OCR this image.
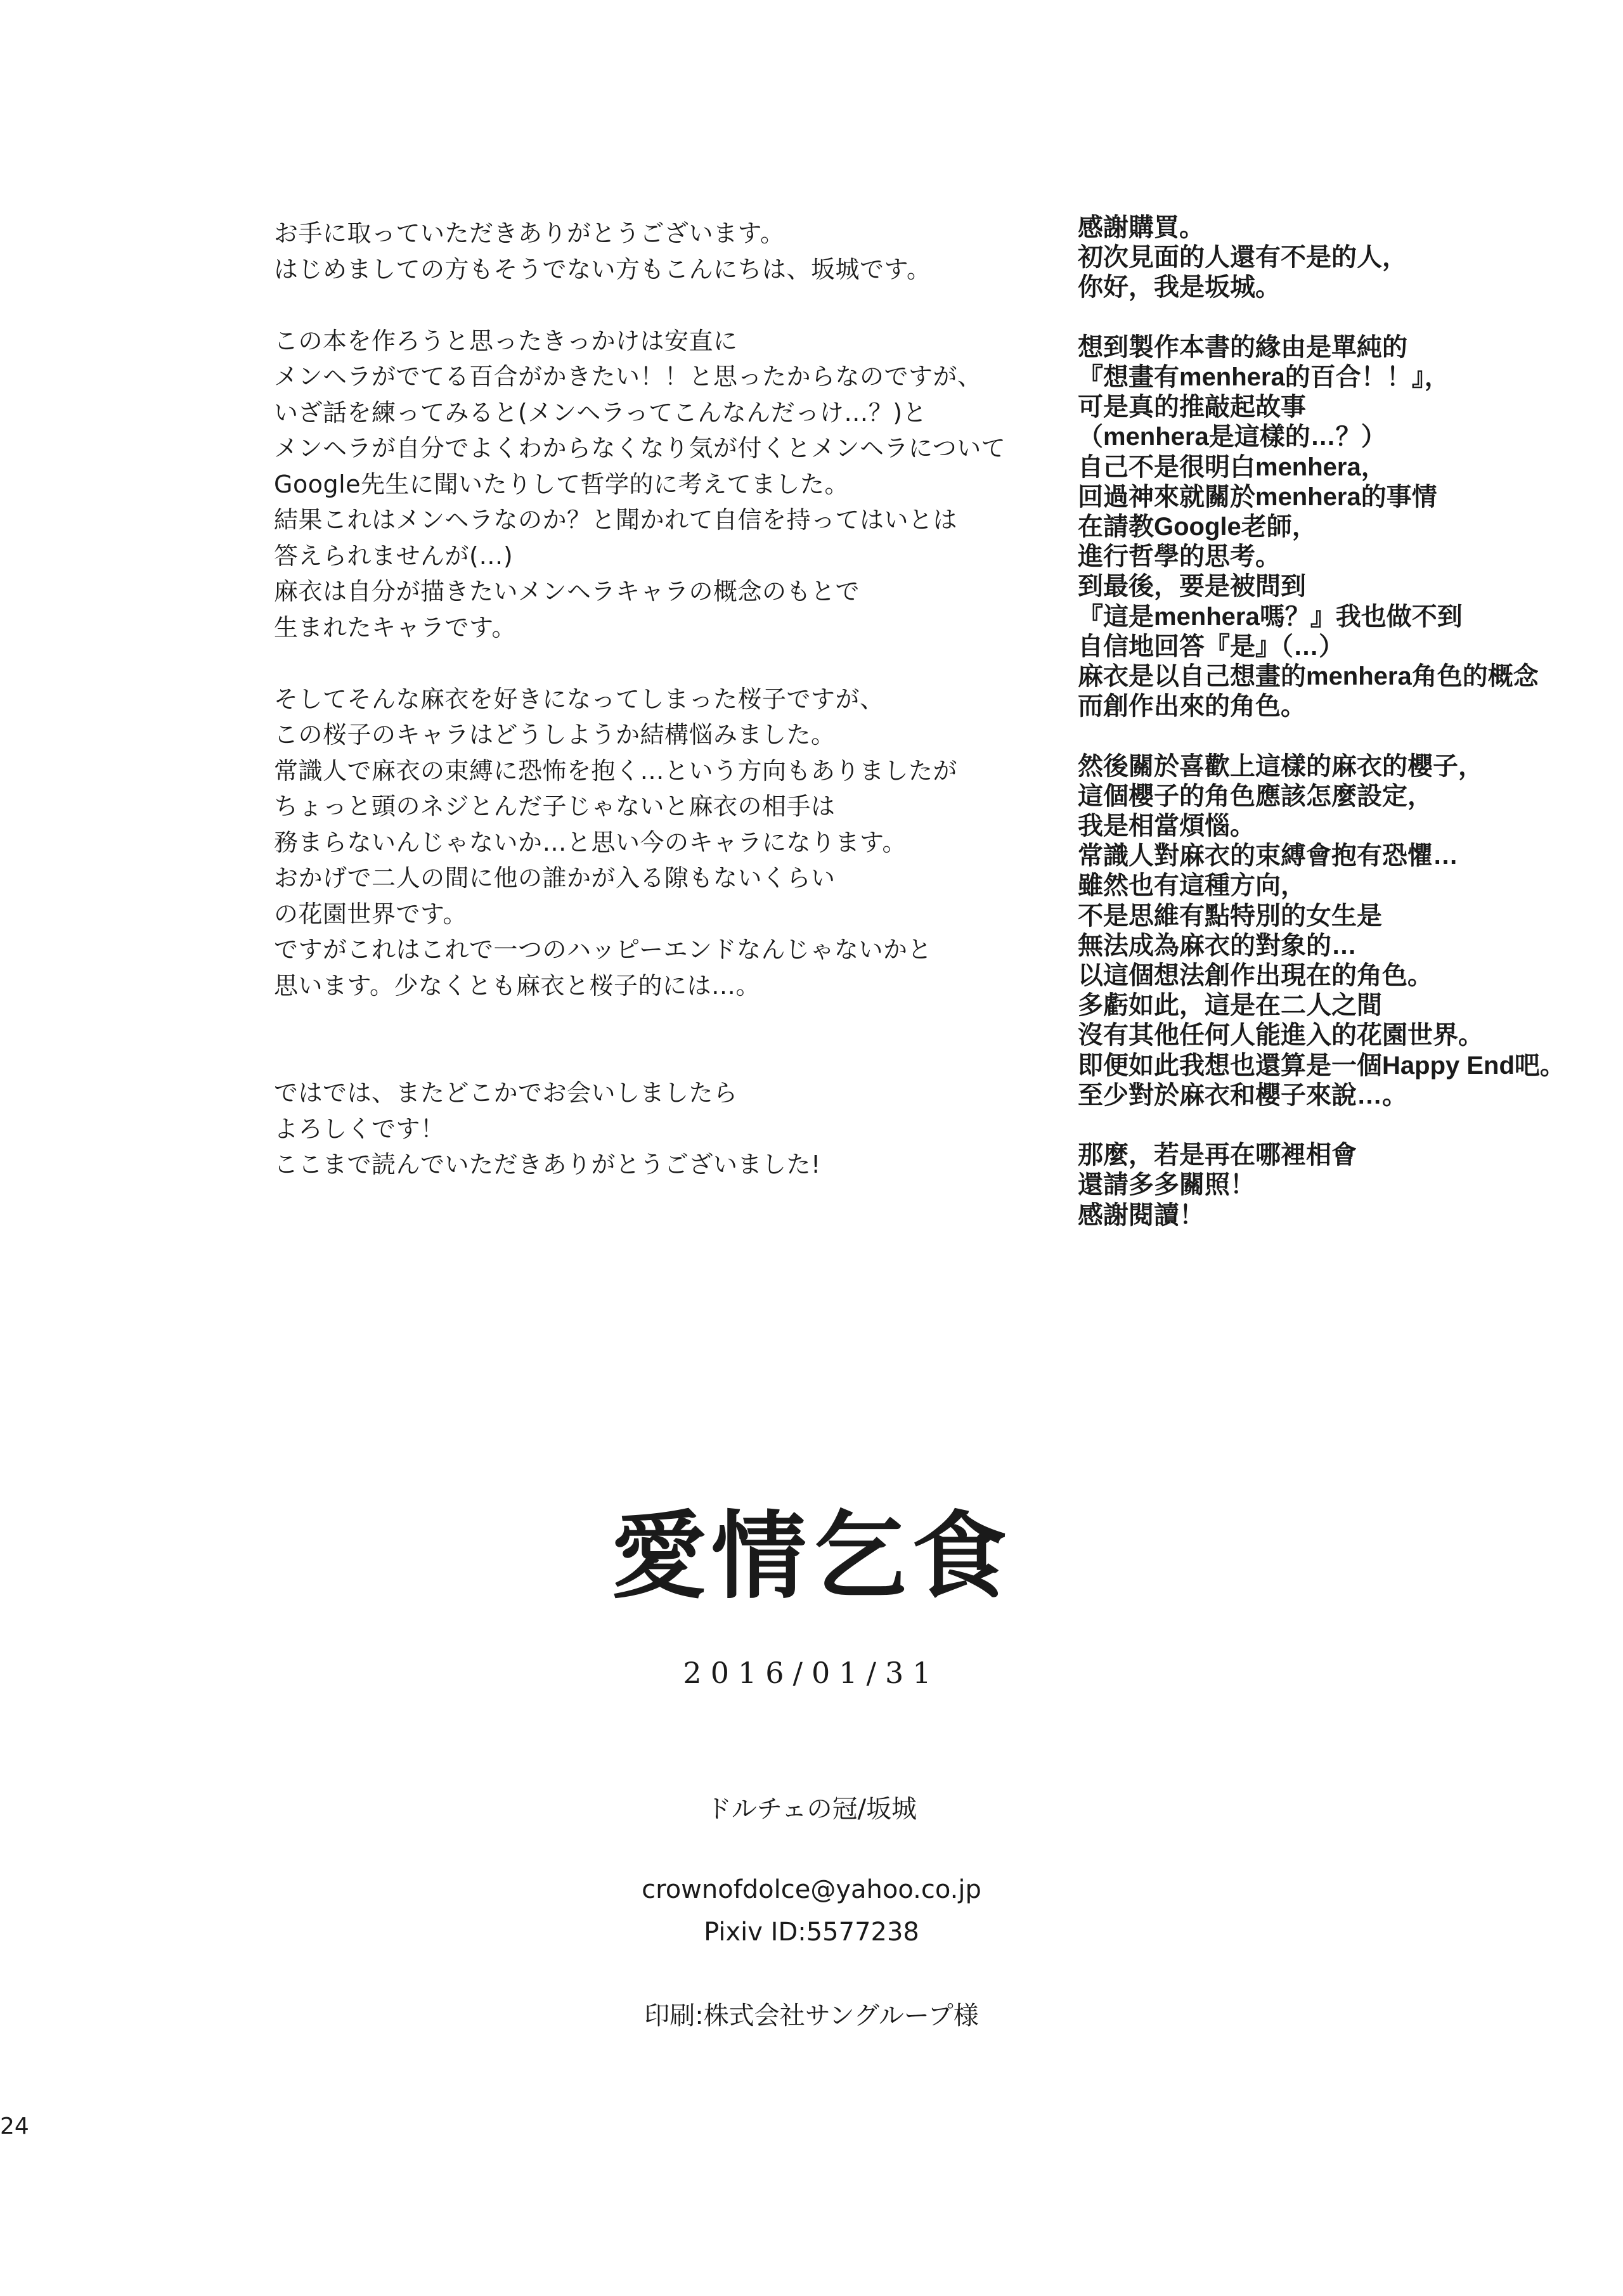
お手に取っていただきありがとうございます。
はじめましての方もそうでない方もこんにちは、坂城です。
この本を作ろうと思ったきっかけは安直に
メンヘラがでてる百合がかきたい！！と思ったからなのですが、
いざ話を練ってみると(メンヘラってこんなんだっけ…？)と
メンヘラが自分でよくわからなくなり気が付くとメンヘラについて
Google先生に聞いたりして哲学的に考えてました。
結果これはメンヘラなのか？と聞かれて自信を持ってはいとは
答えられませんが(…)
麻衣は自分が描きたいメンヘラキャラの概念のもとで
生まれたキャラです。
そしてそんな麻衣を好きになってしまった桜子ですが、
この桜子のキャラはどうしようか結構悩みました。
常識人で麻衣の束縛に恐怖を抱く…という方向もありましたが
ちょっと頭のネジとんだ子じゃないと麻衣の相手は
務まらないんじゃないか…と思い今のキャラになります。
おかげで二人の間に他の誰かが入る隙もないくらい
の花園世界です。
ですがこれはこれで一つのハッピーエンドなんじゃないかと
思います。少なくとも麻衣と桜子的には…。
ではでは、またどこかでお会いしましたら
よろしくです！
ここまで読んでいただきありがとうございました!
感謝購買。
初次見面的人還有不是的人，
你好，我是坂城。
想到製作本書的緣由是單純的
『想畫有menhera的百合！！』，
可是真的推敲起故事
（menhera是這樣的…？）
自己不是很明白menhera，
回過神來就關於menhera的事情
在請教Google老師，
進行哲學的思考。
到最後，要是被問到
『這是menhera嗎？』我也做不到
自信地回答『是』（…）
麻衣是以自己想畫的menhera角色的概念
而創作出來的角色。
然後關於喜歡上這樣的麻衣的櫻子，
這個櫻子的角色應該怎麼設定，
我是相當煩惱。
常識人對麻衣的束縛會抱有恐懼…
雖然也有這種方向，
不是思維有點特別的女生是
無法成為麻衣的對象的…
以這個想法創作出現在的角色。
多虧如此，這是在二人之間
沒有其他任何人能進入的花園世界。
即便如此我想也還算是一個Happy End吧。
至少對於麻衣和櫻子來說…。
那麼，若是再在哪裡相會
還請多多關照！
感謝閱讀！
愛情乞食
2016/01/31
ドルチェの冠/坂城
crownofdolce@yahoo.co.jp
Pixiv ID:5577238
印刷:株式会社サングループ様
24
